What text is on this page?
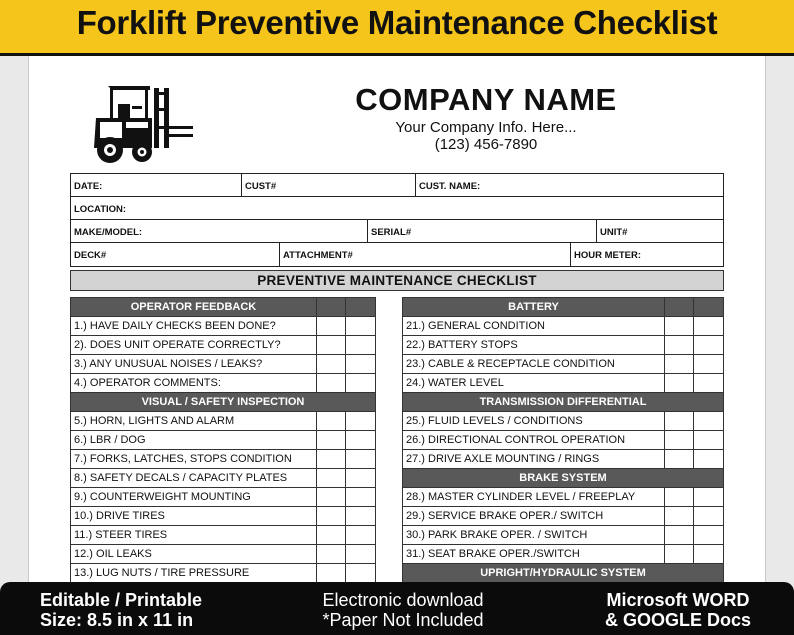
Forklift Preventive Maintenance Checklist
COMPANY NAME
Your Company Info. Here...
(123) 456-7890
DATE:	CUST#	CUST. NAME:
LOCATION:
MAKE/MODEL:	SERIAL#	UNIT#
DECK#	ATTACHMENT#	HOUR METER:
PREVENTIVE MAINTENANCE CHECKLIST
OPERATOR FEEDBACK
1.) HAVE DAILY CHECKS BEEN DONE?
2). DOES UNIT OPERATE CORRECTLY?
3.) ANY UNUSUAL NOISES / LEAKS?
4.) OPERATOR COMMENTS:
VISUAL / SAFETY INSPECTION
5.) HORN, LIGHTS AND ALARM
6.) LBR / DOG
7.) FORKS, LATCHES, STOPS CONDITION
8.) SAFETY DECALS / CAPACITY PLATES
9.) COUNTERWEIGHT MOUNTING
10.) DRIVE TIRES
11.) STEER TIRES
12.) OIL LEAKS
13.) LUG NUTS / TIRE PRESSURE
BATTERY
21.) GENERAL CONDITION
22.) BATTERY STOPS
23.) CABLE & RECEPTACLE CONDITION
24.) WATER LEVEL
TRANSMISSION DIFFERENTIAL
25.) FLUID LEVELS / CONDITIONS
26.) DIRECTIONAL CONTROL OPERATION
27.) DRIVE AXLE MOUNTING / RINGS
BRAKE SYSTEM
28.) MASTER CYLINDER LEVEL / FREEPLAY
29.) SERVICE BRAKE OPER./ SWITCH
30.) PARK BRAKE OPER. / SWITCH
31.) SEAT BRAKE OPER./SWITCH
UPRIGHT/HYDRAULIC SYSTEM
Editable / Printable
Size: 8.5 in x 11 in
Electronic download
*Paper Not Included
Microsoft WORD
& GOOGLE Docs
